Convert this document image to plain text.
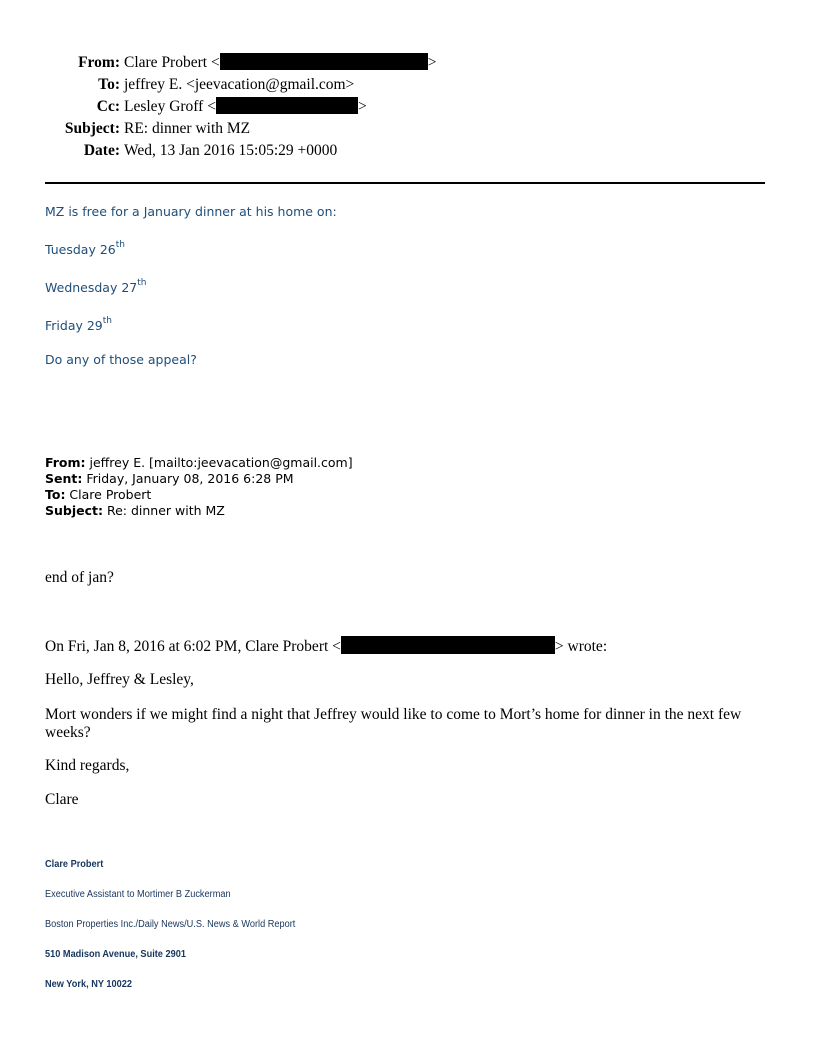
From: Clare Probert <	>
To: jeffrey E. <jeevacation@gmail.com>
Cc: Lesley Groff <	>
Subject: RE: dinner with MZ
Date: Wed, 13 Jan 2016 15:05:29 +0000
MZ is free for a January dinner at his home on:
Tuesday 26th
Wednesday 27th
Friday 29th
Do any of those appeal?
From: jeffrey E. [mailto:jeevacation@gmail.com]
Sent: Friday, January 08, 2016 6:28 PM
To: Clare Probert
Subject: Re: dinner with MZ
end of jan?
On Fri, Jan 8, 2016 at 6:02 PM, Clare Probert <	> wrote:
Hello, Jeffrey & Lesley,
Mort wonders if we might find a night that Jeffrey would like to come to Mort’s home for dinner in the next few weeks?
Kind regards,
Clare
Clare Probert
Executive Assistant to Mortimer B Zuckerman
Boston Properties Inc./Daily News/U.S. News & World Report
510 Madison Avenue, Suite 2901
New York, NY 10022
